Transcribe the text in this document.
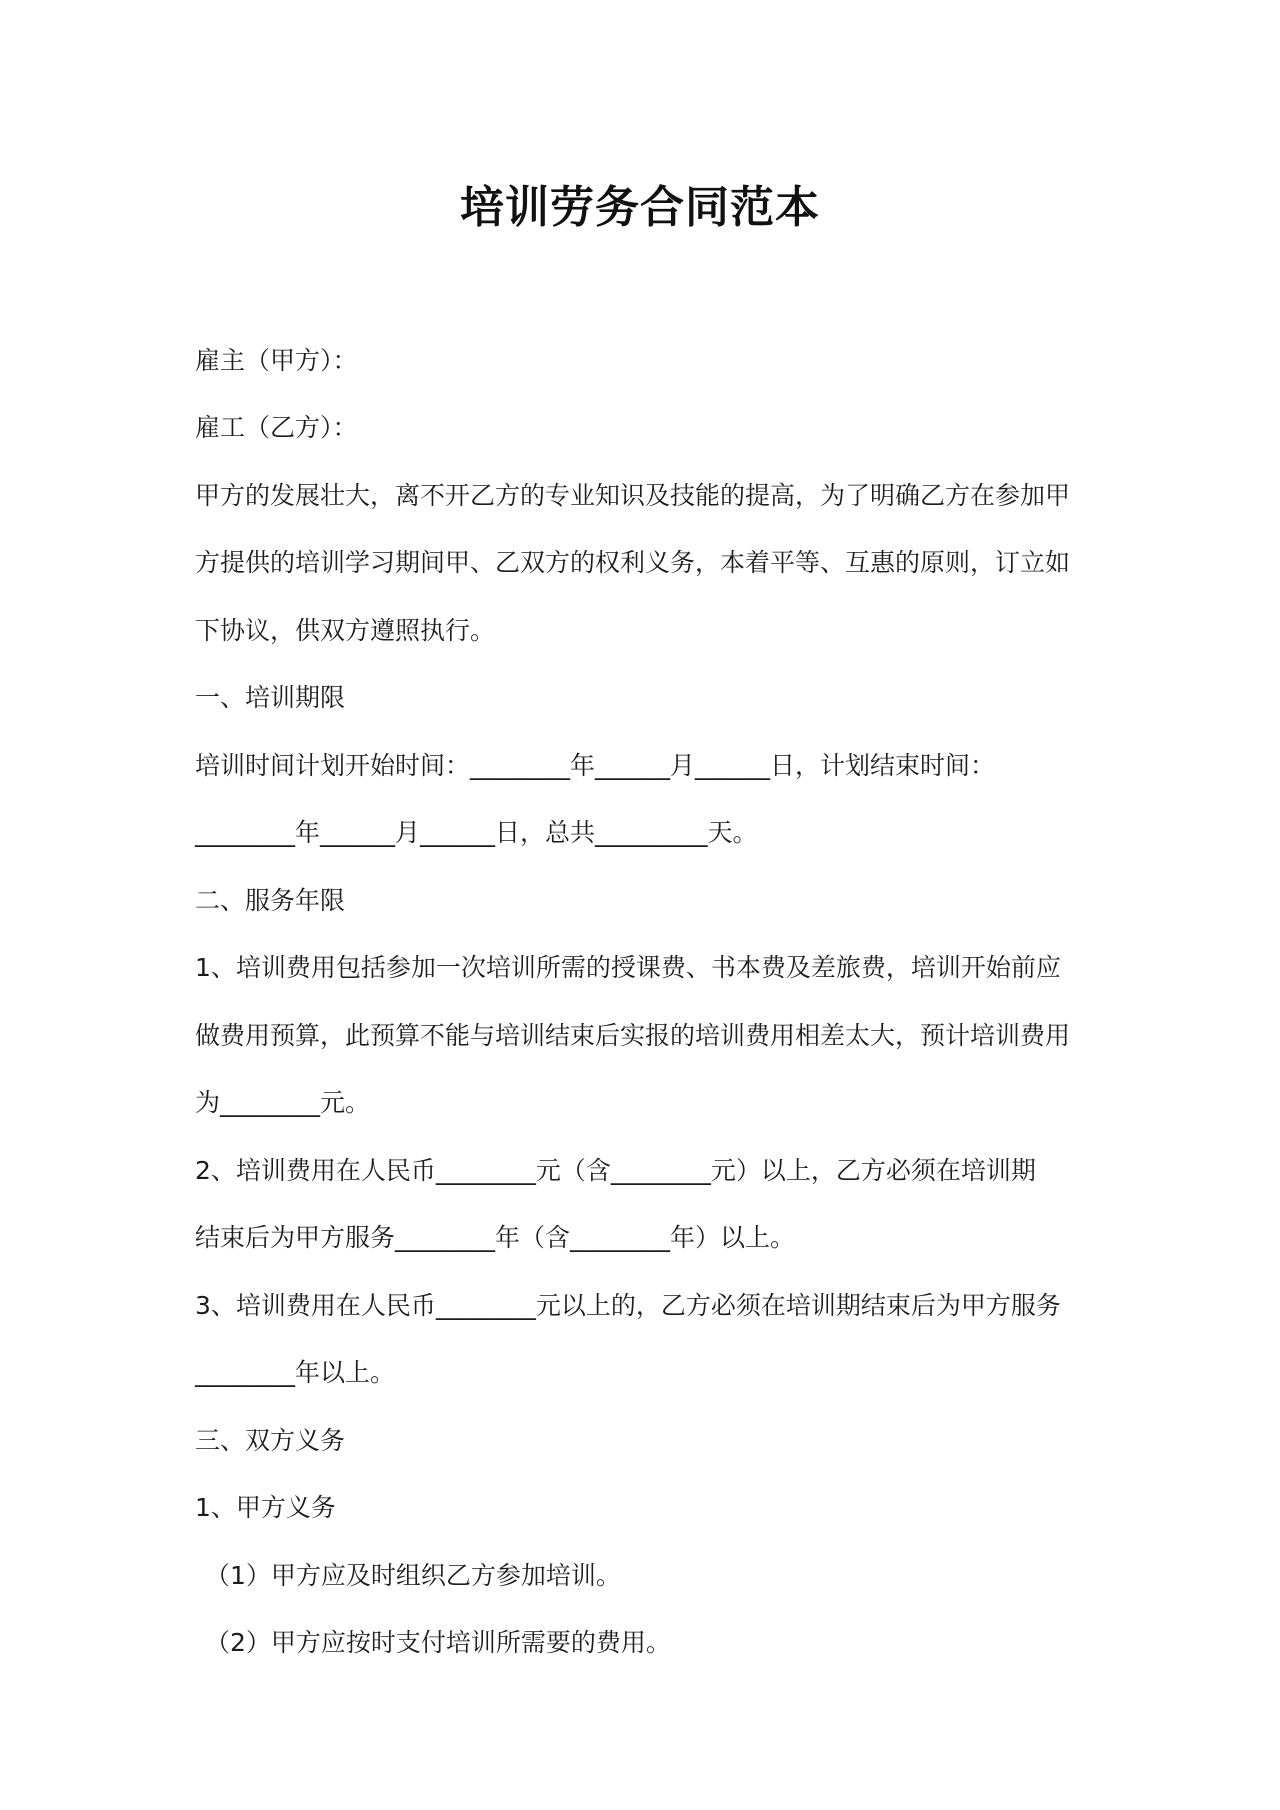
培训劳务合同范本
雇主（甲方）：
雇工（乙方）：
甲方的发展壮大，离不开乙方的专业知识及技能的提高，为了明确乙方在参加甲
方提供的培训学习期间甲、乙双方的权利义务，本着平等、互惠的原则，订立如
下协议，供双方遵照执行。
一、培训期限
培训时间计划开始时间：________年______月______日，计划结束时间：
________年______月______日，总共_________天。
二、服务年限
1、培训费用包括参加一次培训所需的授课费、书本费及差旅费，培训开始前应
做费用预算，此预算不能与培训结束后实报的培训费用相差太大，预计培训费用
为________元。
2、培训费用在人民币________元（含________元）以上，乙方必须在培训期
结束后为甲方服务________年（含________年）以上。
3、培训费用在人民币________元以上的，乙方必须在培训期结束后为甲方服务
________年以上。
三、双方义务
1、甲方义务
（1）甲方应及时组织乙方参加培训。
（2）甲方应按时支付培训所需要的费用。
